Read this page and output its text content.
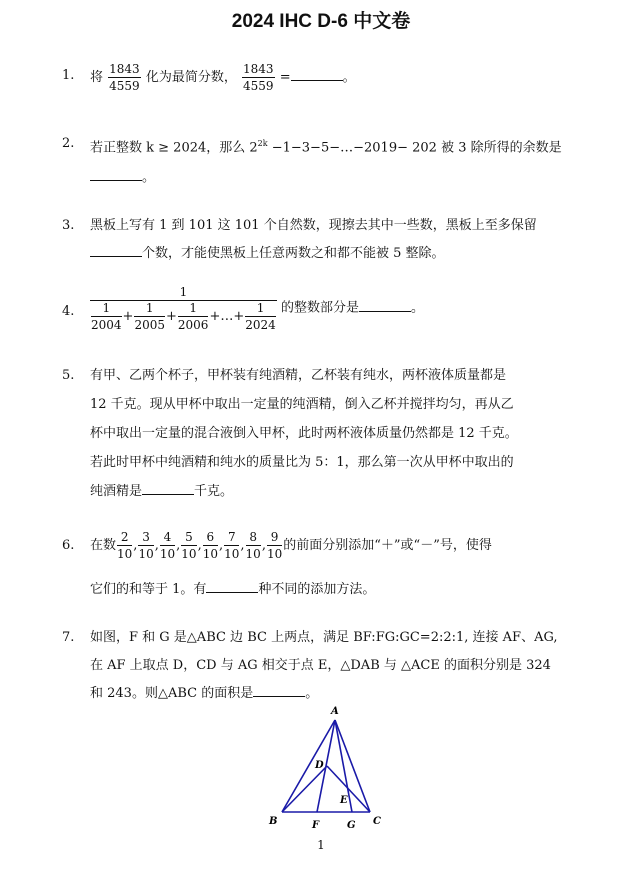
2024 IHC D-6 中文卷
1. 将 $\frac{1843}{4559}$ 化为最简分数， $\frac{1843}{4559}$ =	。
2. 若正整数 k ≥ 2024，那么 $2^{2k}$ −1−3−5−…−2019− 202 被 3 除所得的余数是
。
3. 黑板上写有 1 到 101 这 101 个自然数，现擦去其中一些数，黑板上至多保留
个数，才能使黑板上任意两数之和都不能被 5 整除。
4. $\frac{1}{\frac{1}{2004} + \frac{1}{2005} + \frac{1}{2006} +\dots+ \frac{1}{2024}}$ 的整数部分是	。
5. 有甲、乙两个杯子，甲杯装有纯酒精，乙杯装有纯水，两杯液体质量都是
12 千克。现从甲杯中取出一定量的纯酒精，倒入乙杯并搅拌均匀，再从乙
杯中取出一定量的混合液倒入甲杯，此时两杯液体质量仍然都是 12 千克。
若此时甲杯中纯酒精和纯水的质量比为 5：1，那么第一次从甲杯中取出的
纯酒精是	千克。
6. 在数 $\frac{2}{10}$ , $\frac{3}{10}$ , $\frac{4}{10}$ , $\frac{5}{10}$ , $\frac{6}{10}$ , $\frac{7}{10}$ , $\frac{8}{10}$ , $\frac{9}{10}$ 的前面分别添加“＋”或“－”号，使得
它们的和等于 1。有	种不同的添加方法。
7. 如图，F 和 G 是△ABC 边 BC 上两点，满足 BF:FG:GC=2:2:1, 连接 AF、AG,
在 AF 上取点 D，CD 与 AG 相交于点 E，△DAB 与 △ACE 的面积分别是 324
和 243。则△ABC 的面积是	。
A
B	C
D
E
F	G
1
